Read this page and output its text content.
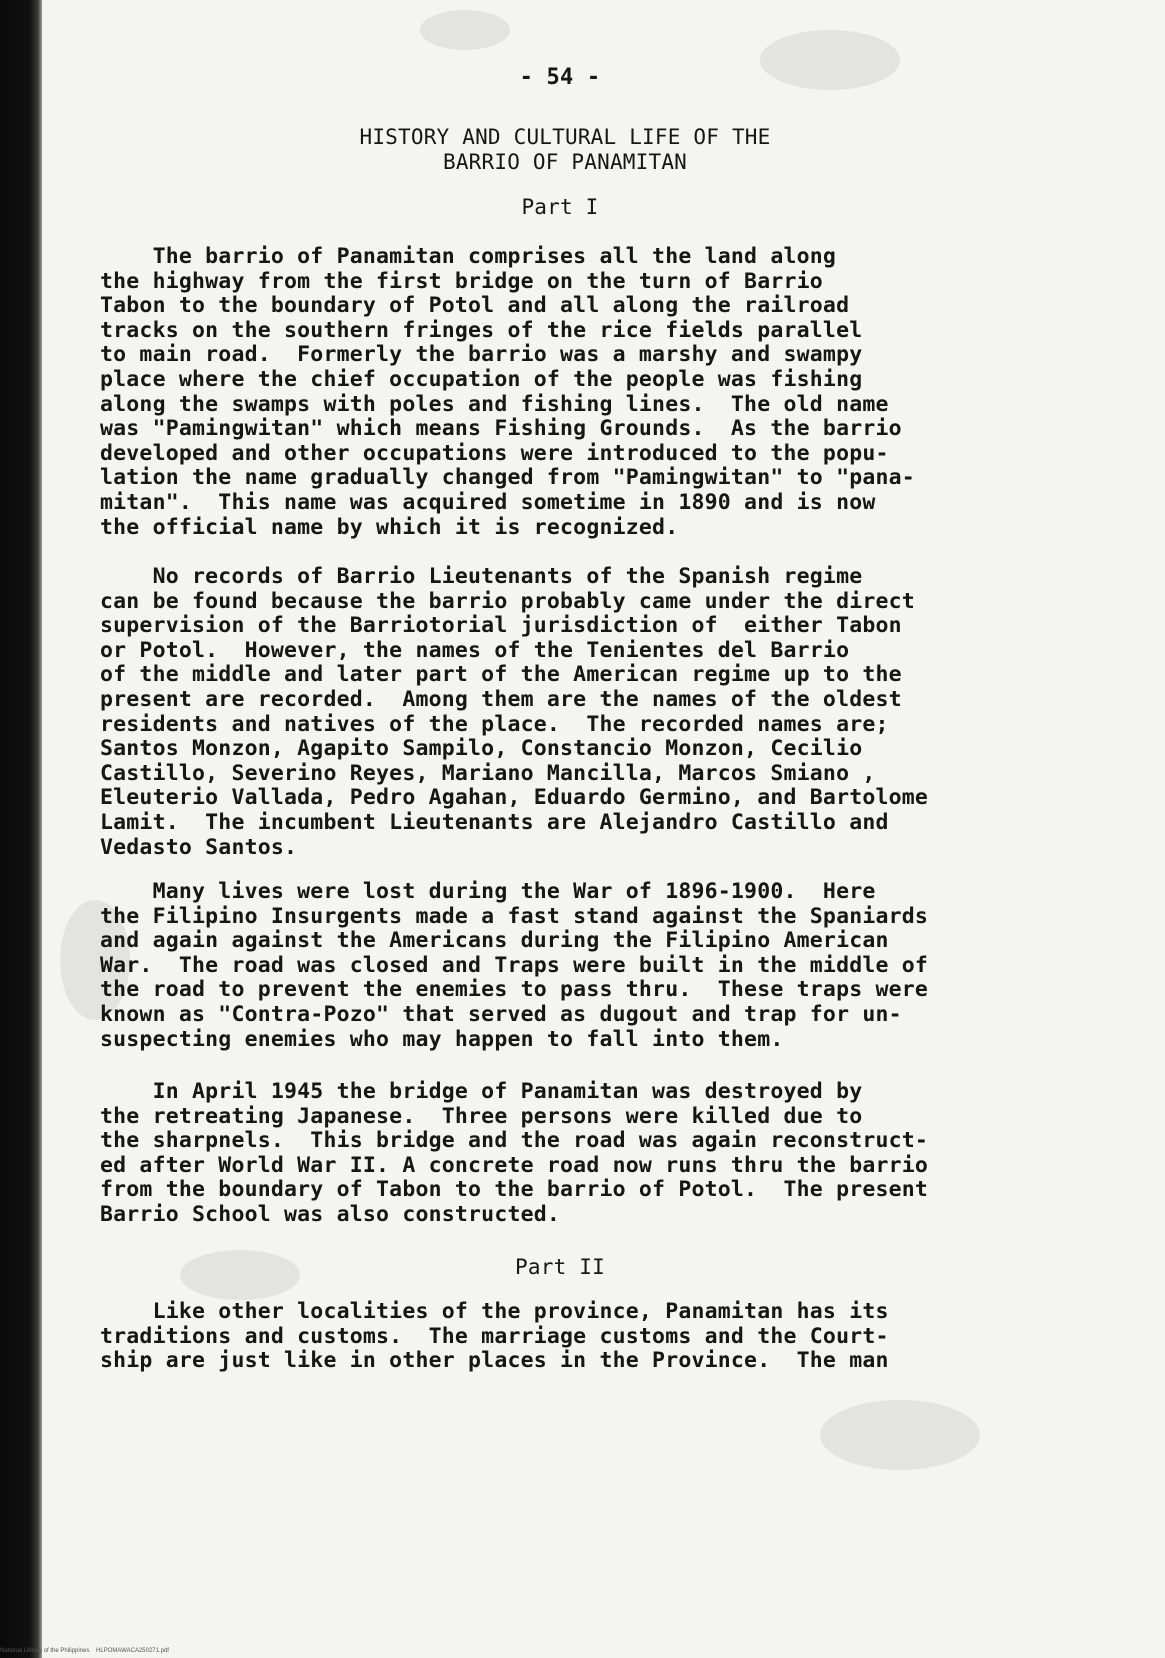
- 54 -
HISTORY AND CULTURAL LIFE OF THE
BARRIO OF PANAMITAN
Part I
The barrio of Panamitan comprises all the land along
the highway from the first bridge on the turn of Barrio
Tabon to the boundary of Potol and all along the railroad
tracks on the southern fringes of the rice fields parallel
to main road.  Formerly the barrio was a marshy and swampy
place where the chief occupation of the people was fishing
along the swamps with poles and fishing lines.  The old name
was "Pamingwitan" which means Fishing Grounds.  As the barrio
developed and other occupations were introduced to the popu-
lation the name gradually changed from "Pamingwitan" to "pana-
mitan".  This name was acquired sometime in 1890 and is now
the official name by which it is recognized.
No records of Barrio Lieutenants of the Spanish regime
can be found because the barrio probably came under the direct
supervision of the Barriotorial jurisdiction of  either Tabon
or Potol.  However, the names of the Tenientes del Barrio
of the middle and later part of the American regime up to the
present are recorded.  Among them are the names of the oldest
residents and natives of the place.  The recorded names are;
Santos Monzon, Agapito Sampilo, Constancio Monzon, Cecilio
Castillo, Severino Reyes, Mariano Mancilla, Marcos Smiano ,
Eleuterio Vallada, Pedro Agahan, Eduardo Germino, and Bartolome
Lamit.  The incumbent Lieutenants are Alejandro Castillo and
Vedasto Santos.
Many lives were lost during the War of 1896-1900.  Here
the Filipino Insurgents made a fast stand against the Spaniards
and again against the Americans during the Filipino American
War.  The road was closed and Traps were built in the middle of
the road to prevent the enemies to pass thru.  These traps were
known as "Contra-Pozo" that served as dugout and trap for un-
suspecting enemies who may happen to fall into them.
In April 1945 the bridge of Panamitan was destroyed by
the retreating Japanese.  Three persons were killed due to
the sharpnels.  This bridge and the road was again reconstruct-
ed after World War II. A concrete road now runs thru the barrio
from the boundary of Tabon to the barrio of Potol.  The present
Barrio School was also constructed.
Part II
Like other localities of the province, Panamitan has its
traditions and customs.  The marriage customs and the Court-
ship are just like in other places in the Province.  The man
National Library of the Philippines    HLPOMAWACA250271.pdf
